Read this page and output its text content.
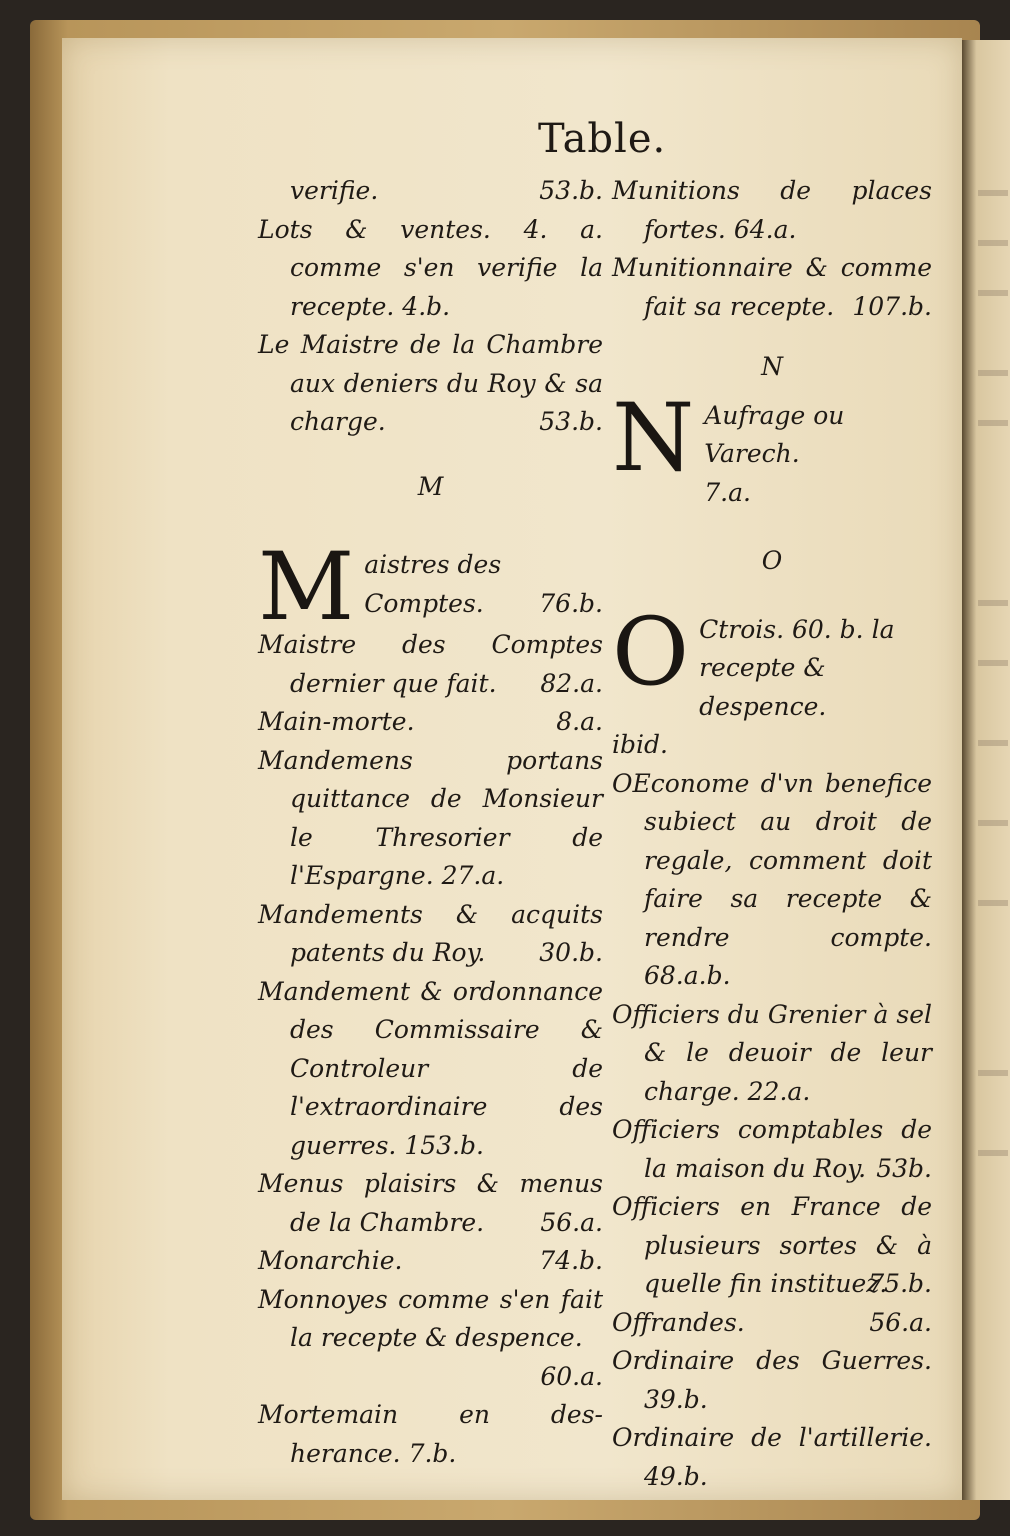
Table.
verifie.	53.b.
Lots & ventes. 4. a. comme s'en verifie la recepte. 4.b.
Le Maistre de la Chambre aux deniers du Roy & sa charge.	53.b.
M
M aistres des Comptes. 76.b.
Maistre des Comptes dernier que fait. 82.a.
Main-morte.	8.a.
Mandemens portans quittance de Monsieur le Thresorier de l'Espargne. 27.a.
Mandements & acquits patents du Roy. 30.b.
Mandement & ordonnance des Commissaire & Controleur de l'extraordinaire des guerres. 153.b.
Menus plaisirs & menus de la Chambre. 56.a.
Monarchie.	74.b.
Monnoyes comme s'en fait la recepte & despence.
60.a.
Mortemain en des-herance. 7.b.
Munitions de places fortes. 64.a.
Munitionnaire & comme fait sa recepte. 107.b.
N
N Aufrage ou Varech.
7.a.
O
O Ctrois. 60. b. la recepte & despence.
ibid.
OEconome d'vn benefice subiect au droit de regale, comment doit faire sa recepte & rendre compte. 68.a.b.
Officiers du Grenier à sel & le deuoir de leur charge. 22.a.
Officiers comptables de la maison du Roy. 53b.
Officiers en France de plusieurs sortes & à quelle fin instituez.
75.b.
Offrandes.	56.a.
Ordinaire des Guerres. 39.b.
Ordinaire de l'artillerie. 49.b.
